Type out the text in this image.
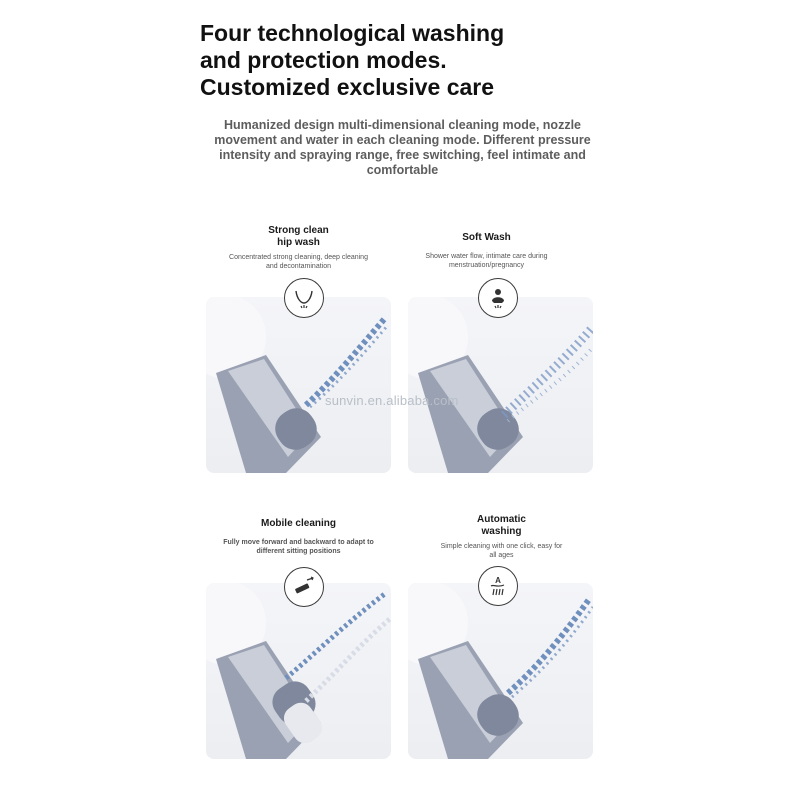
Four technological washing
and protection modes.
Customized exclusive care
Humanized design multi-dimensional cleaning mode, nozzle movement and water in each cleaning mode. Different pressure intensity and spraying range, free switching, feel intimate and comfortable
Strong clean
hip wash
Concentrated strong cleaning, deep cleaning and decontamination
Soft Wash
Shower water flow, intimate care during menstruation/pregnancy
Mobile cleaning
Fully move forward and backward to adapt to different sitting positions
Automatic
washing
Simple cleaning with one click, easy for all ages
A
sunvin.en.alibaba.com
